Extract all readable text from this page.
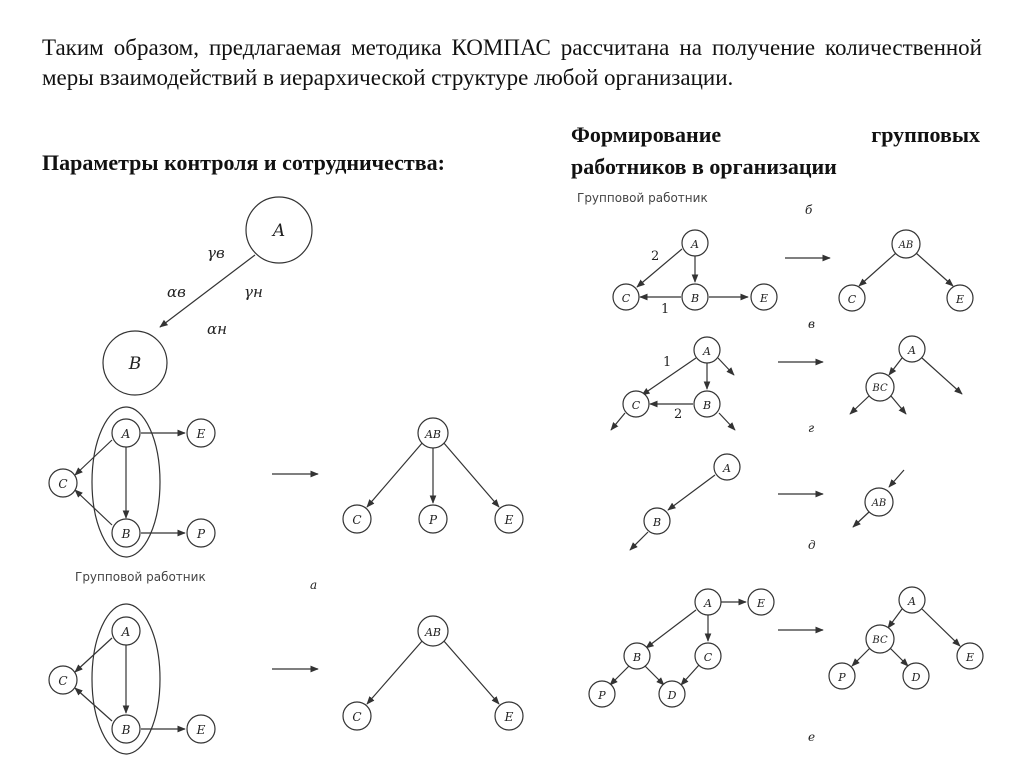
Таким образом, предлагаемая методика КОМПАС рассчитана на получение количественной меры взаимодействий в иерархической структуре любой организации.
Параметры контроля и сотрудничества:
Формирование	групповых
работников в организации
A
B
γв
αв	γн
αн
A
B
C
E
P
AB
C	P	E
Групповой работник
а
A
B
C
E
AB
C	E
Групповой работник
б
2
1
A
C	B	E
AB
C	E
в
1
2
A
C	B
A
BC
г
A
B
AB
д
A	E
B	C
P	D
A
BC
E
P	D
е
